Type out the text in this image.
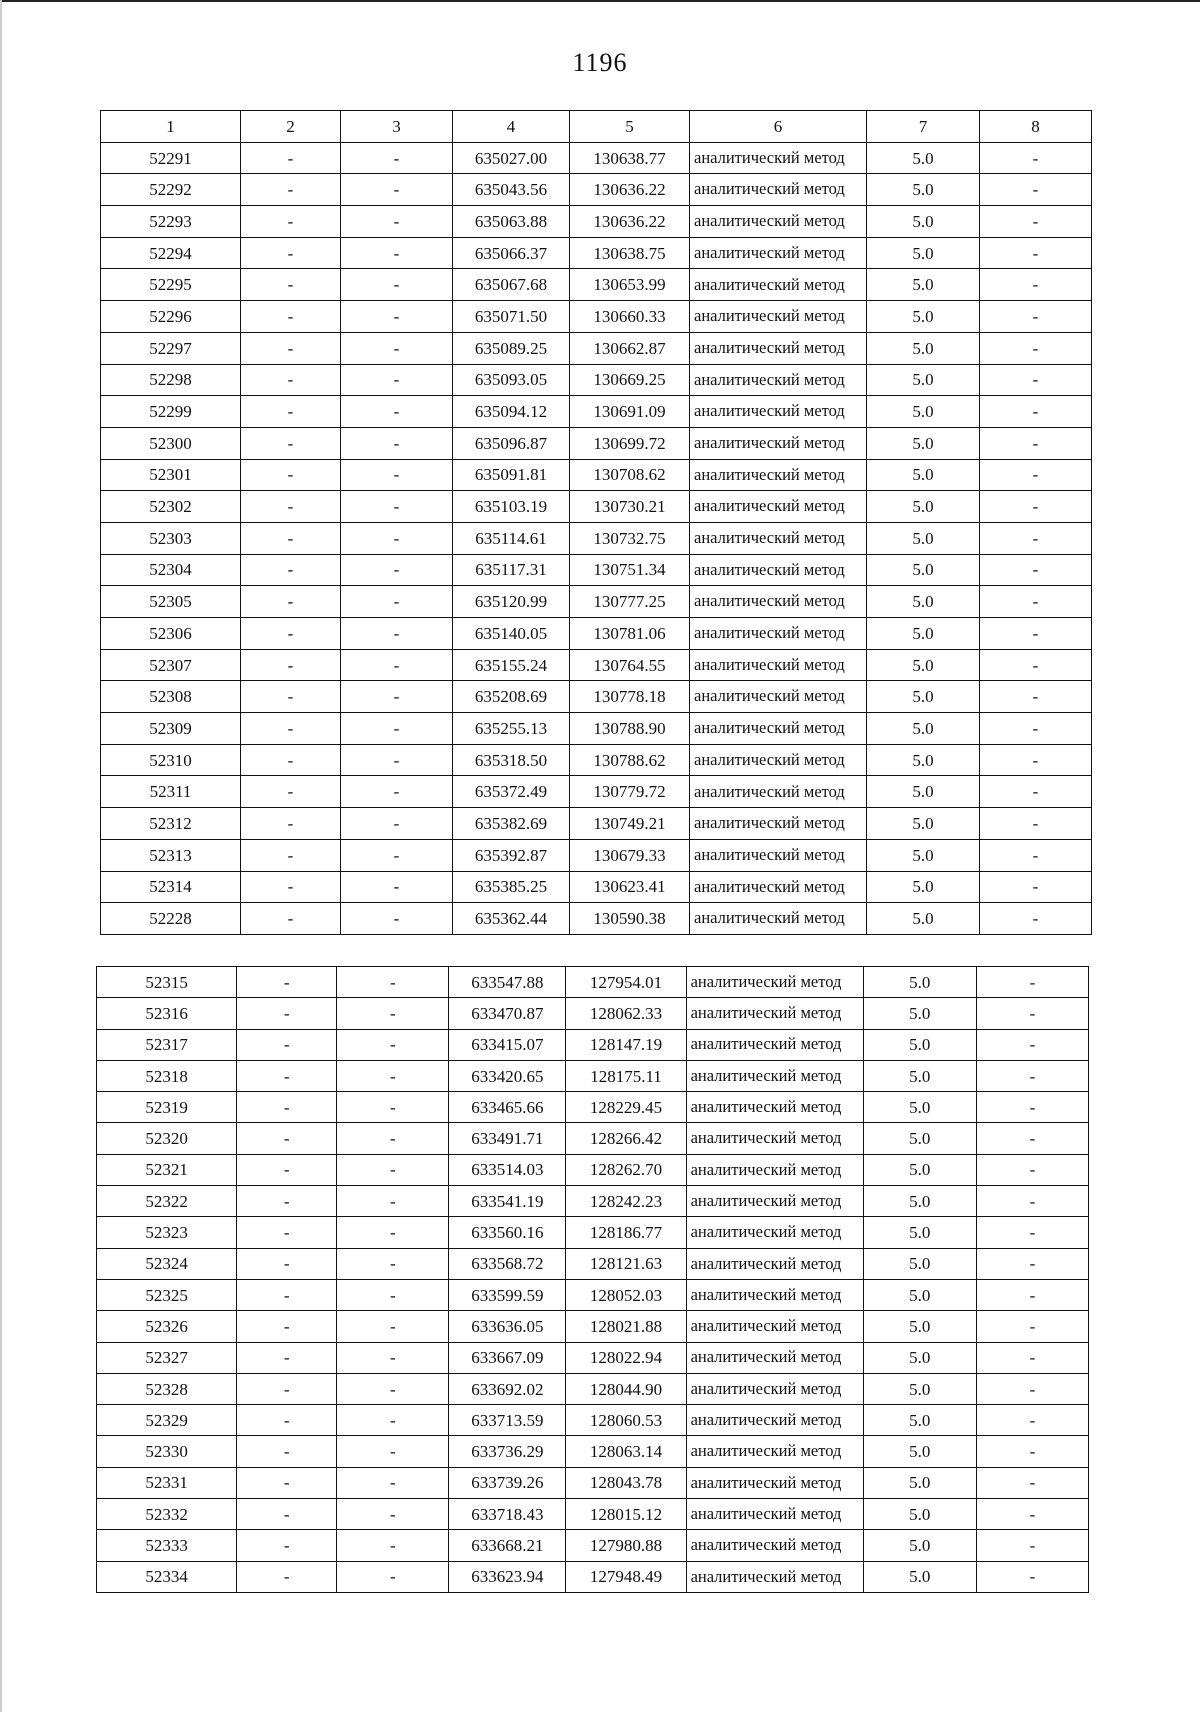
1196
1	2	3	4	5	6	7	8
52291	-	-	635027.00	130638.77	аналитический метод	5.0	-
52292	-	-	635043.56	130636.22	аналитический метод	5.0	-
52293	-	-	635063.88	130636.22	аналитический метод	5.0	-
52294	-	-	635066.37	130638.75	аналитический метод	5.0	-
52295	-	-	635067.68	130653.99	аналитический метод	5.0	-
52296	-	-	635071.50	130660.33	аналитический метод	5.0	-
52297	-	-	635089.25	130662.87	аналитический метод	5.0	-
52298	-	-	635093.05	130669.25	аналитический метод	5.0	-
52299	-	-	635094.12	130691.09	аналитический метод	5.0	-
52300	-	-	635096.87	130699.72	аналитический метод	5.0	-
52301	-	-	635091.81	130708.62	аналитический метод	5.0	-
52302	-	-	635103.19	130730.21	аналитический метод	5.0	-
52303	-	-	635114.61	130732.75	аналитический метод	5.0	-
52304	-	-	635117.31	130751.34	аналитический метод	5.0	-
52305	-	-	635120.99	130777.25	аналитический метод	5.0	-
52306	-	-	635140.05	130781.06	аналитический метод	5.0	-
52307	-	-	635155.24	130764.55	аналитический метод	5.0	-
52308	-	-	635208.69	130778.18	аналитический метод	5.0	-
52309	-	-	635255.13	130788.90	аналитический метод	5.0	-
52310	-	-	635318.50	130788.62	аналитический метод	5.0	-
52311	-	-	635372.49	130779.72	аналитический метод	5.0	-
52312	-	-	635382.69	130749.21	аналитический метод	5.0	-
52313	-	-	635392.87	130679.33	аналитический метод	5.0	-
52314	-	-	635385.25	130623.41	аналитический метод	5.0	-
52228	-	-	635362.44	130590.38	аналитический метод	5.0	-
52315	-	-	633547.88	127954.01	аналитический метод	5.0	-
52316	-	-	633470.87	128062.33	аналитический метод	5.0	-
52317	-	-	633415.07	128147.19	аналитический метод	5.0	-
52318	-	-	633420.65	128175.11	аналитический метод	5.0	-
52319	-	-	633465.66	128229.45	аналитический метод	5.0	-
52320	-	-	633491.71	128266.42	аналитический метод	5.0	-
52321	-	-	633514.03	128262.70	аналитический метод	5.0	-
52322	-	-	633541.19	128242.23	аналитический метод	5.0	-
52323	-	-	633560.16	128186.77	аналитический метод	5.0	-
52324	-	-	633568.72	128121.63	аналитический метод	5.0	-
52325	-	-	633599.59	128052.03	аналитический метод	5.0	-
52326	-	-	633636.05	128021.88	аналитический метод	5.0	-
52327	-	-	633667.09	128022.94	аналитический метод	5.0	-
52328	-	-	633692.02	128044.90	аналитический метод	5.0	-
52329	-	-	633713.59	128060.53	аналитический метод	5.0	-
52330	-	-	633736.29	128063.14	аналитический метод	5.0	-
52331	-	-	633739.26	128043.78	аналитический метод	5.0	-
52332	-	-	633718.43	128015.12	аналитический метод	5.0	-
52333	-	-	633668.21	127980.88	аналитический метод	5.0	-
52334	-	-	633623.94	127948.49	аналитический метод	5.0	-
